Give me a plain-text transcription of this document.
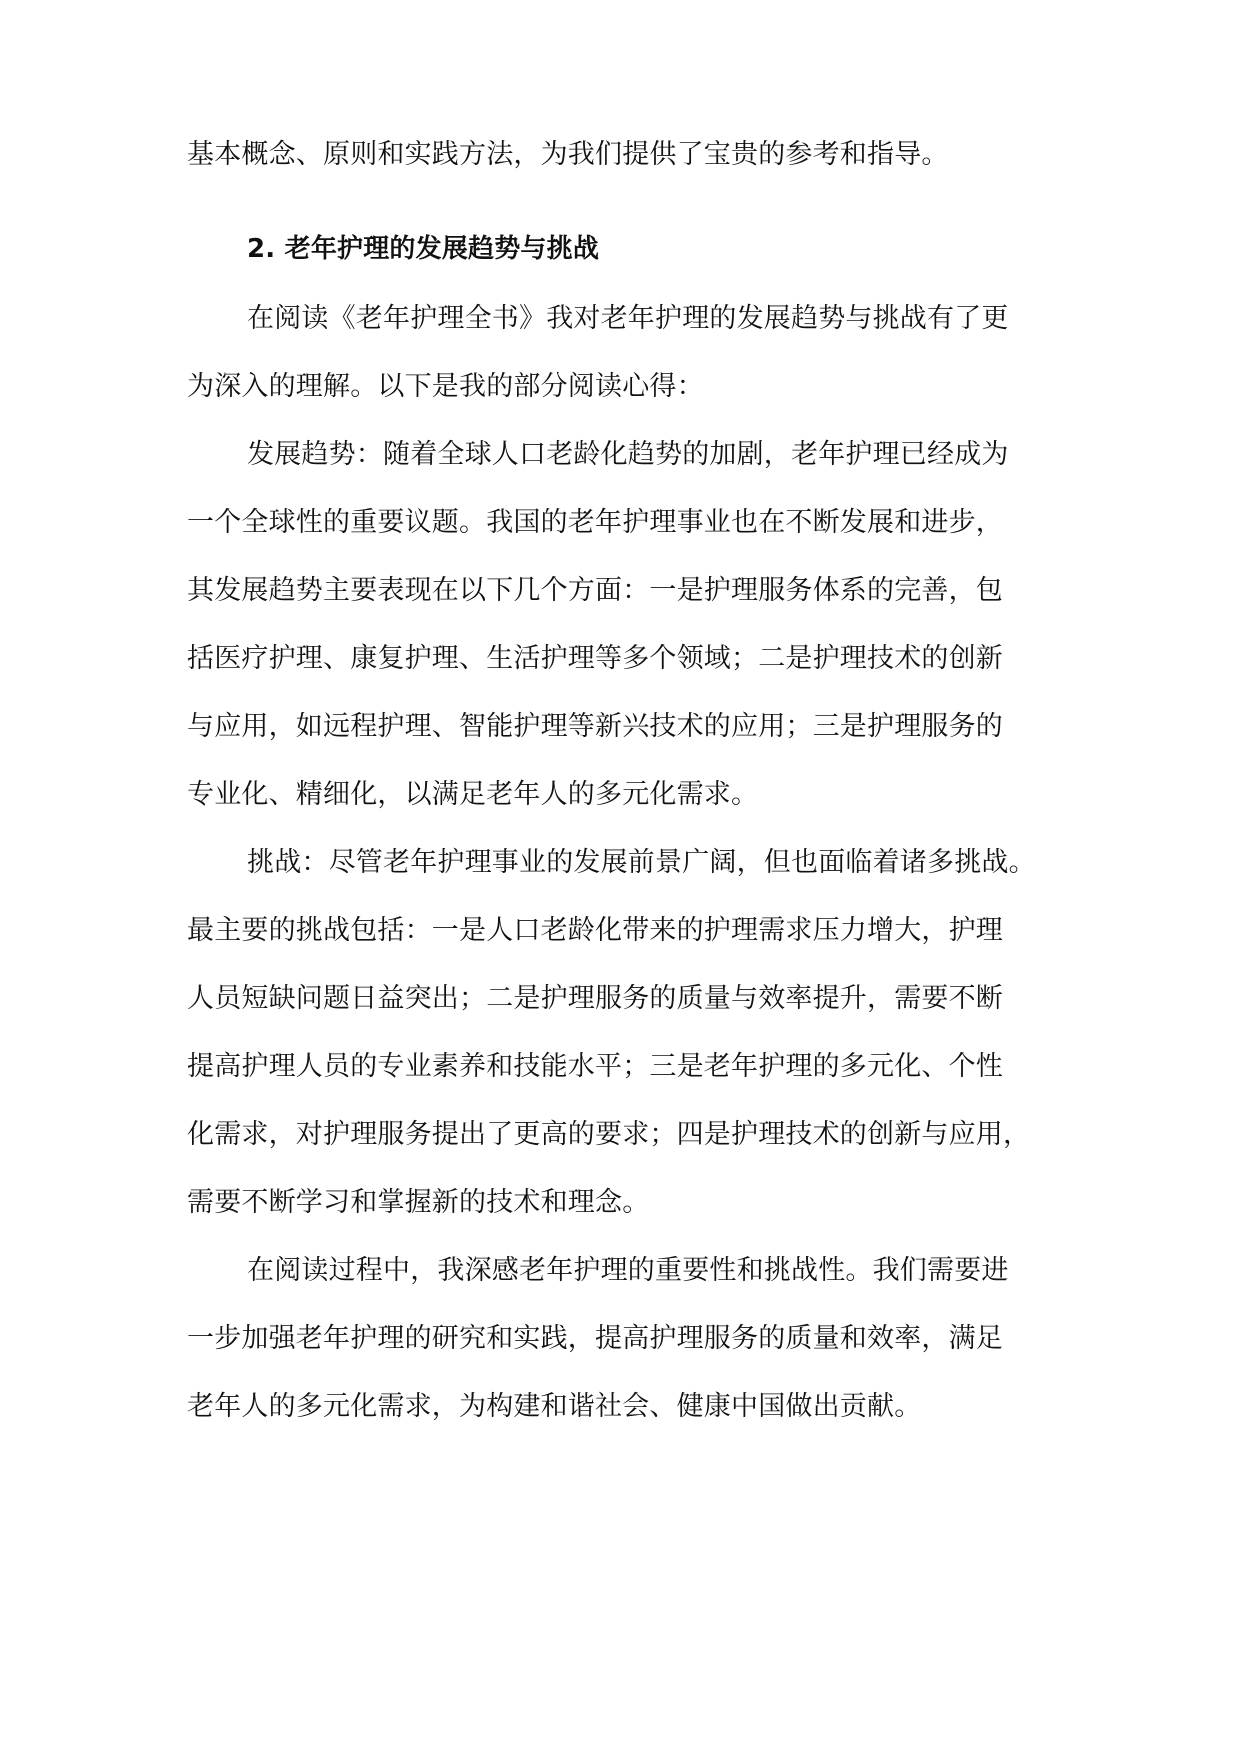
基本概念、原则和实践方法，为我们提供了宝贵的参考和指导。
2. 老年护理的发展趋势与挑战
在阅读《老年护理全书》我对老年护理的发展趋势与挑战有了更
为深入的理解。以下是我的部分阅读心得：
发展趋势：随着全球人口老龄化趋势的加剧，老年护理已经成为
一个全球性的重要议题。我国的老年护理事业也在不断发展和进步，
其发展趋势主要表现在以下几个方面：一是护理服务体系的完善，包
括医疗护理、康复护理、生活护理等多个领域；二是护理技术的创新
与应用，如远程护理、智能护理等新兴技术的应用；三是护理服务的
专业化、精细化，以满足老年人的多元化需求。
挑战：尽管老年护理事业的发展前景广阔，但也面临着诸多挑战。
最主要的挑战包括：一是人口老龄化带来的护理需求压力增大，护理
人员短缺问题日益突出；二是护理服务的质量与效率提升，需要不断
提高护理人员的专业素养和技能水平；三是老年护理的多元化、个性
化需求，对护理服务提出了更高的要求；四是护理技术的创新与应用，
需要不断学习和掌握新的技术和理念。
在阅读过程中，我深感老年护理的重要性和挑战性。我们需要进
一步加强老年护理的研究和实践，提高护理服务的质量和效率，满足
老年人的多元化需求，为构建和谐社会、健康中国做出贡献。
